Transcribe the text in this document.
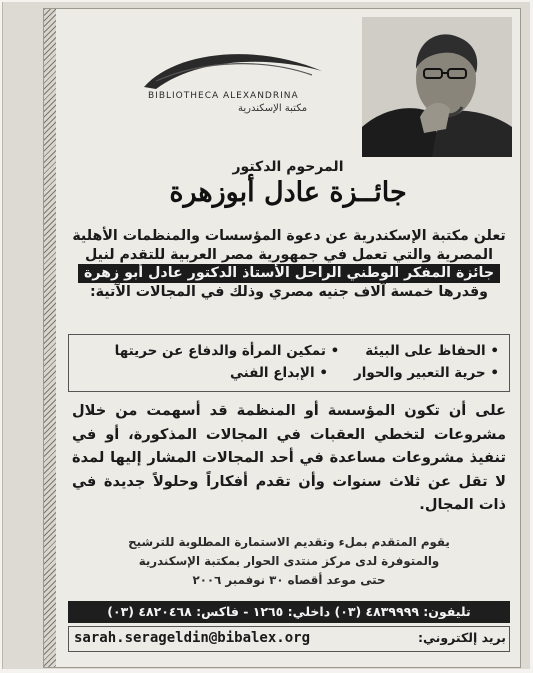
BIBLIOTHECA ALEXANDRINA
مكتبة الإسكندرية
المرحوم الدكتور
جائــزة عادل أبوزهرة
تعلن مكتبة الإسكندرية عن دعوة المؤسسات والمنظمات الأهلية
المصرية والتي تعمل في جمهورية مصر العربية للتقدم لنيل
جائزة المفكر الوطني الراحل الأستاذ الدكتور عادل أبو زهرة
وقدرها خمسة آلاف جنيه مصري وذلك في المجالات الآتية:
• الحفاظ على البيئة• تمكين المرأة والدفاع عن حريتها
• حرية التعبير والحوار• الإبداع الفني
على أن تكون المؤسسة أو المنظمة قد أسهمت من خلال مشروعات لتخطي العقبات في المجالات المذكورة، أو في تنفيذ مشروعات مساعدة في أحد المجالات المشار إليها لمدة لا تقل عن ثلاث سنوات وأن تقدم أفكاراً وحلولاً جديدة في ذات المجال.
يقوم المتقدم بملء وتقديم الاستمارة المطلوبة للترشيح
والمتوفرة لدى مركز منتدى الحوار بمكتبة الإسكندرية
حتى موعد أقصاه ٣٠ نوفمبر ٢٠٠٦
تليفون: ٤٨٣٩٩٩٩ (٠٣) داخلي: ١٢٦٥ - فاكس: ٤٨٢٠٤٦٨ (٠٣)
بريد إلكتروني:
sarah.serageldin@bibalex.org
